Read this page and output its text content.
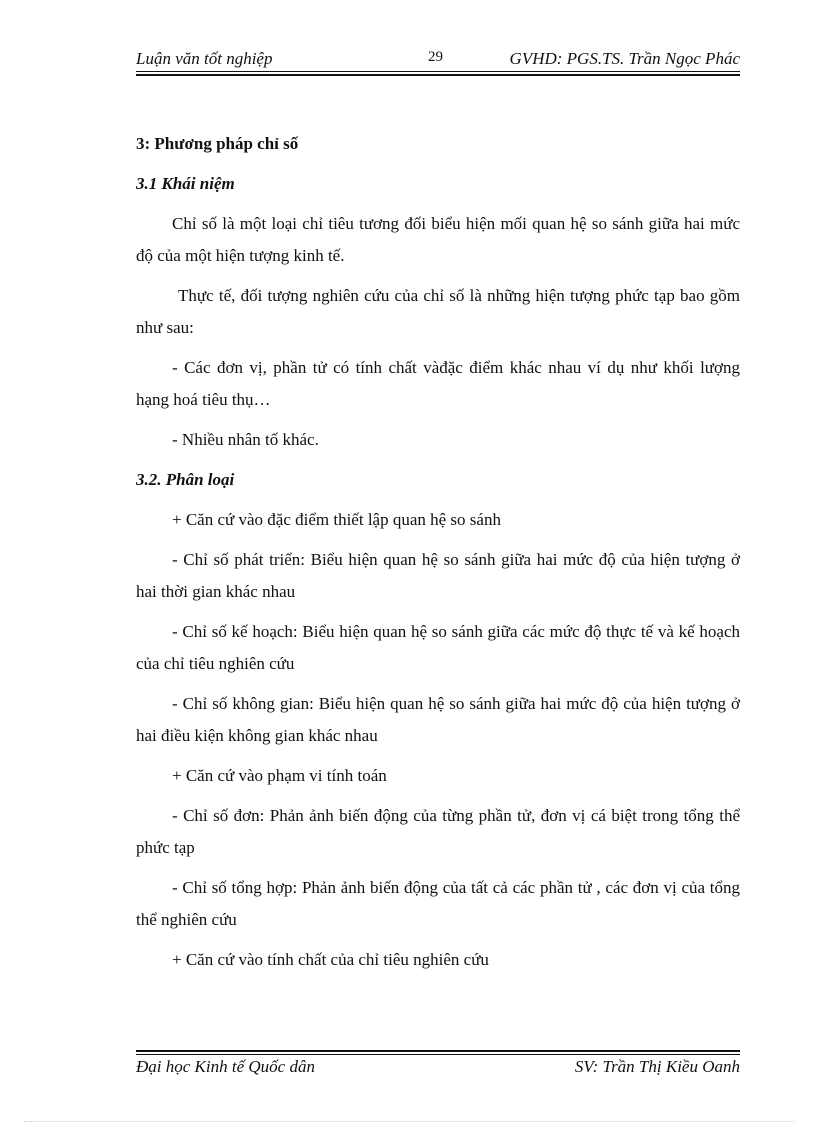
Luận văn tốt nghiệp	29	GVHD: PGS.TS. Trần Ngọc Phác

3: Phương pháp chỉ số

3.1 Khái niệm

Chỉ số là một loại chỉ tiêu tương đối biểu hiện mối quan hệ so sánh giữa hai mức độ của một hiện tượng kinh tế.

Thực tế, đối tượng nghiên cứu của chỉ số là những hiện tượng phức tạp bao gồm như sau:

- Các đơn vị, phần tử có tính chất vàđặc điểm khác nhau ví dụ như khối lượng hạng hoá tiêu thụ…

- Nhiều nhân tố khác.

3.2. Phân loại

+ Căn cứ vào đặc điểm thiết lập quan hệ so sánh

- Chỉ số phát triển: Biểu hiện quan hệ so sánh giữa hai mức độ của hiện tượng ở hai thời gian khác nhau

- Chỉ số kế hoạch: Biểu hiện quan hệ so sánh giữa các mức độ thực tế và kế hoạch của chỉ tiêu nghiên cứu

- Chỉ số không gian: Biểu hiện quan hệ so sánh giữa hai mức độ của hiện tượng ở hai điều kiện không gian khác nhau

+ Căn cứ vào phạm vi tính toán

- Chỉ số đơn: Phản ảnh biến động của từng phần tử, đơn vị cá biệt trong tổng thể phức tạp

- Chỉ số tổng hợp: Phản ảnh biến động của tất cả các phần tử , các đơn vị của tổng thể nghiên cứu

+ Căn cứ vào tính chất của chỉ tiêu nghiên cứu

Đại học Kinh tế Quốc dân	SV: Trần Thị Kiều Oanh
